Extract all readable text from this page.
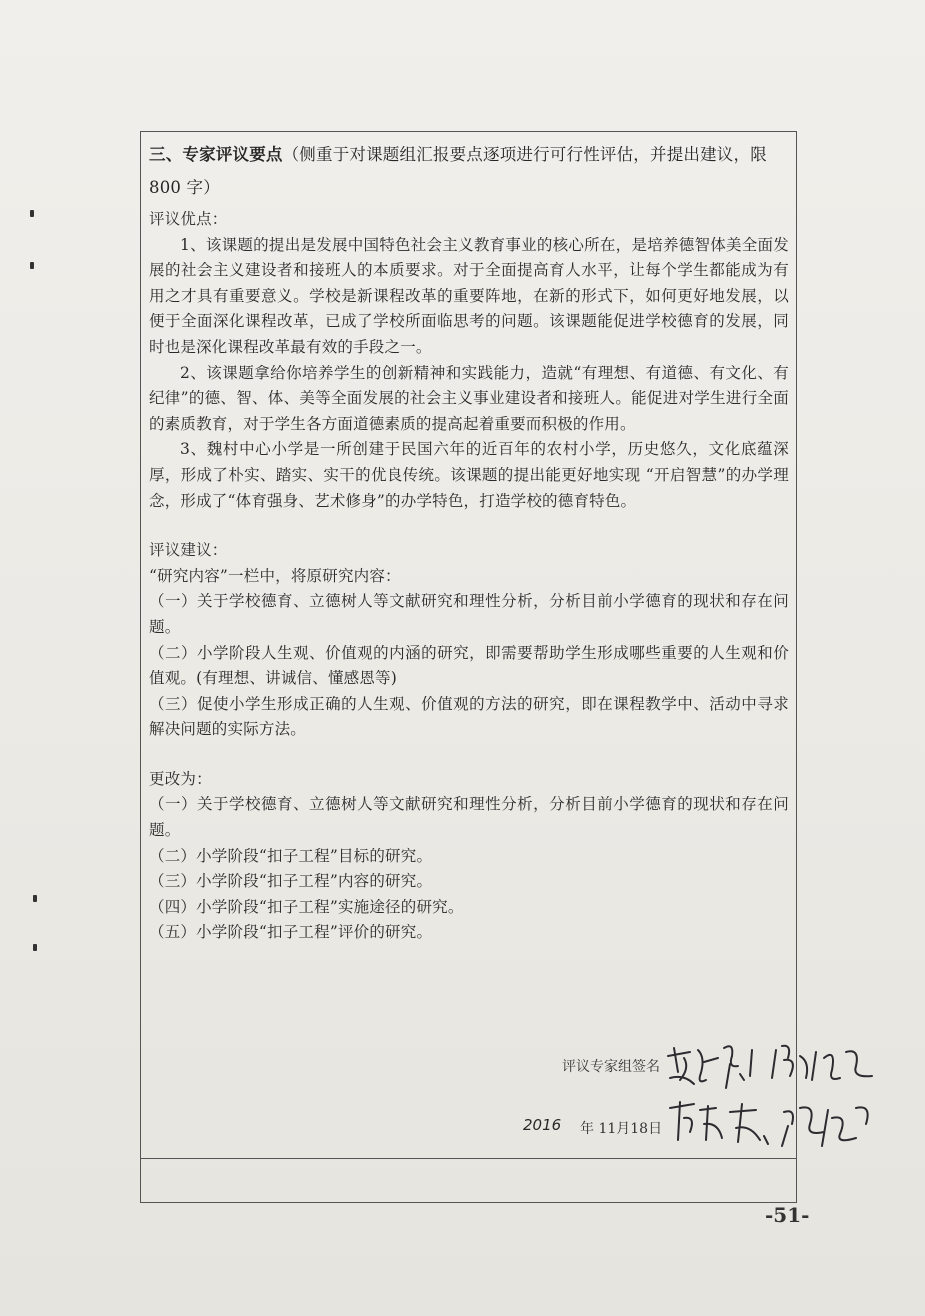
三、专家评议要点（侧重于对课题组汇报要点逐项进行可行性评估，并提出建议，限 800 字）

评议优点：

1、该课题的提出是发展中国特色社会主义教育事业的核心所在，是培养德智体美全面发展的社会主义建设者和接班人的本质要求。对于全面提高育人水平，让每个学生都能成为有用之才具有重要意义。学校是新课程改革的重要阵地，在新的形式下，如何更好地发展，以便于全面深化课程改革，已成了学校所面临思考的问题。该课题能促进学校德育的发展，同时也是深化课程改革最有效的手段之一。

2、该课题拿给你培养学生的创新精神和实践能力，造就“有理想、有道德、有文化、有纪律”的德、智、体、美等全面发展的社会主义事业建设者和接班人。能促进对学生进行全面的素质教育，对于学生各方面道德素质的提高起着重要而积极的作用。

3、魏村中心小学是一所创建于民国六年的近百年的农村小学，历史悠久，文化底蕴深厚，形成了朴实、踏实、实干的优良传统。该课题的提出能更好地实现 “开启智慧”的办学理念，形成了“体育强身、艺术修身”的办学特色，打造学校的德育特色。

评议建议：

“研究内容”一栏中，将原研究内容：

（一）关于学校德育、立德树人等文献研究和理性分析，分析目前小学德育的现状和存在问题。

（二）小学阶段人生观、价值观的内涵的研究，即需要帮助学生形成哪些重要的人生观和价值观。(有理想、讲诚信、懂感恩等)

（三）促使小学生形成正确的人生观、价值观的方法的研究，即在课程教学中、活动中寻求解决问题的实际方法。

更改为：

（一）关于学校德育、立德树人等文献研究和理性分析，分析目前小学德育的现状和存在问题。

（二）小学阶段“扣子工程”目标的研究。

（三）小学阶段“扣子工程”内容的研究。

（四）小学阶段“扣子工程”实施途径的研究。

（五）小学阶段“扣子工程”评价的研究。

评议专家组签名
2016 年 11月18日
-51-
